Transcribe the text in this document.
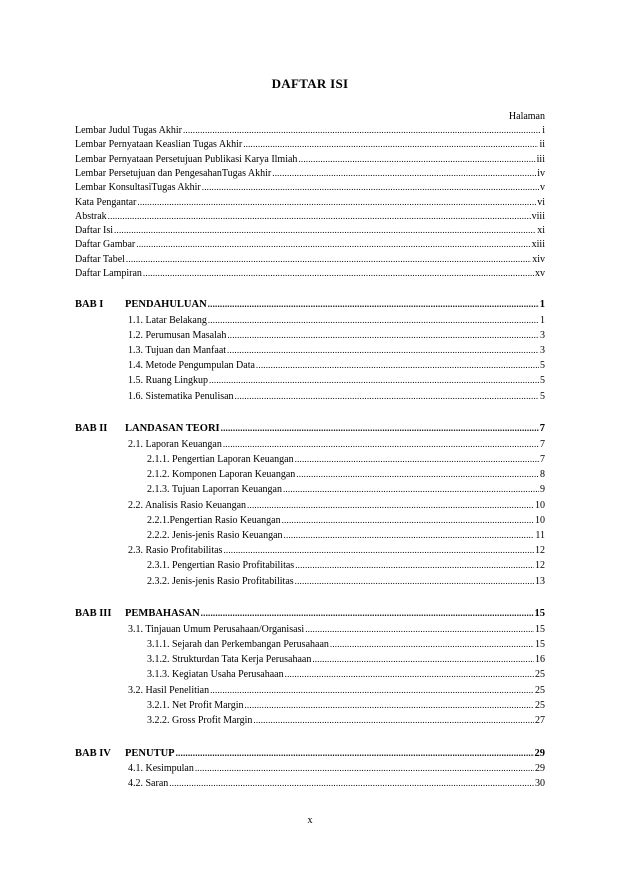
DAFTAR ISI
Halaman
Lembar Judul Tugas Akhir .....	i
Lembar Pernyataan Keaslian Tugas Akhir .....	ii
Lembar Pernyataan Persetujuan Publikasi Karya Ilmiah .....	iii
Lembar Persetujuan dan PengesahanTugas Akhir .....	iv
Lembar KonsultasiTugas Akhir .....	v
Kata Pengantar .....	vi
Abstrak .....	viii
Daftar Isi .....	xi
Daftar Gambar .....	xiii
Daftar Tabel .....	xiv
Daftar Lampiran .....	xv
BAB I	PENDAHULUAN .....	1
1.1. Latar Belakang .....	1
1.2. Perumusan Masalah .....	3
1.3. Tujuan dan Manfaat .....	3
1.4. Metode Pengumpulan Data .....	5
1.5. Ruang Lingkup .....	5
1.6. Sistematika Penulisan .....	5
BAB II	LANDASAN TEORI .....	7
2.1. Laporan Keuangan .....	7
2.1.1. Pengertian Laporan Keuangan .....	7
2.1.2. Komponen Laporan Keuangan .....	8
2.1.3. Tujuan Laporran Keuangan .....	9
2.2. Analisis Rasio Keuangan .....	10
2.2.1.Pengertian Rasio Keuangan .....	10
2.2.2. Jenis-jenis Rasio Keuangan .....	11
2.3. Rasio Profitabilitas .....	12
2.3.1. Pengertian Rasio Profitabilitas .....	12
2.3.2. Jenis-jenis Rasio Profitabilitas .....	13
BAB III	PEMBAHASAN .....	15
3.1. Tinjauan Umum Perusahaan/Organisasi .....	15
3.1.1. Sejarah dan Perkembangan Perusahaan .....	15
3.1.2. Strukturdan Tata Kerja Perusahaan .....	16
3.1.3. Kegiatan Usaha Perusahaan .....	25
3.2. Hasil Penelitian .....	25
3.2.1. Net Profit Margin .....	25
3.2.2. Gross Profit Margin .....	27
BAB IV	PENUTUP .....	29
4.1. Kesimpulan .....	29
4.2. Saran .....	30
x
